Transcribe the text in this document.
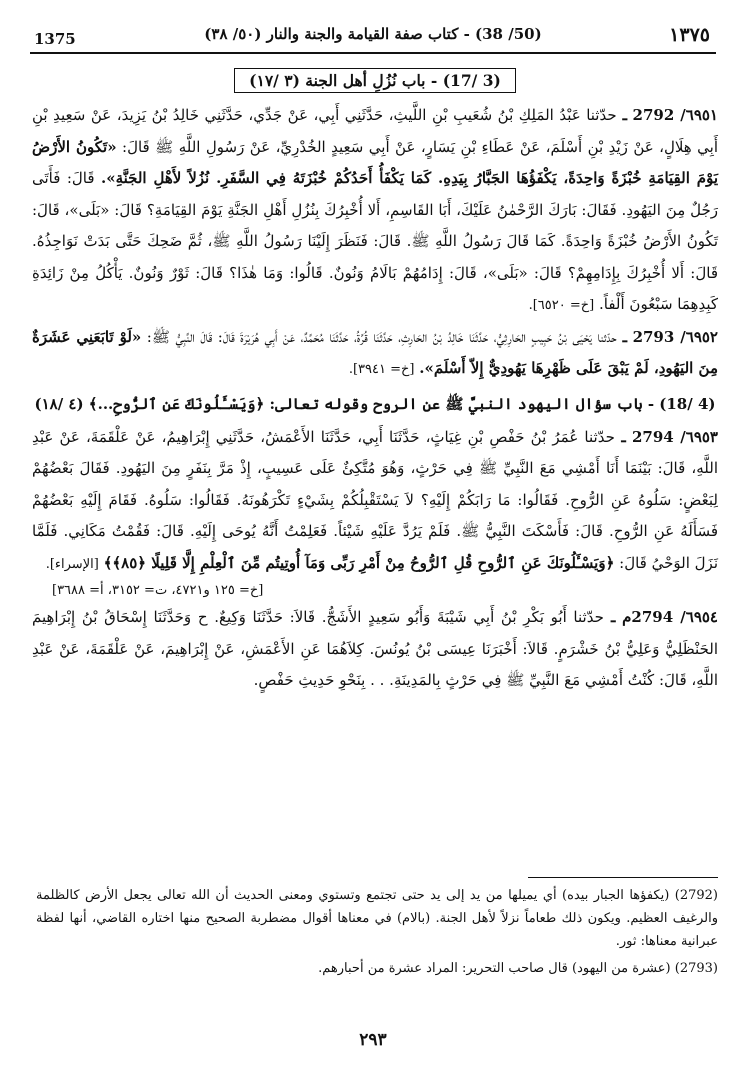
1375	(50/ 38) - كتاب صفة القيامة والجنة والنار (٥٠/ ٣٨)	١٣٧٥
(3 /17) - باب نُزُلِ أهل الجنة (٣ /١٧)

٦٩٥١/ 2792 ـ حدّثنا عَبْدُ المَلِكِ بْنُ شُعَيبِ بْنِ اللَّيثِ، حَدَّثَنِي أَبِي، عَنْ جَدِّي، حَدَّثَنِي خَالِدُ بْنُ يَزِيدَ، عَنْ سَعِيدِ بْنِ أَبِي هِلَالٍ، عَنْ زَيْدِ بْنِ أَسْلَمَ، عَنْ عَطَاءِ بْنِ يَسَارٍ، عَنْ أَبِي سَعِيدٍ الخُدْرِيِّ، عَنْ رَسُولِ اللَّهِ ﷺ قَالَ: «تَكُونُ الأَرْضُ يَوْمَ القِيَامَةِ خُبْزَةً وَاحِدَةً، يَكْفَؤُهَا الجَبَّارُ بِيَدِهِ. كَمَا يَكْفَأُ أَحَدُكُمْ خُبْزَتَهُ فِي السَّفَرِ. نُزُلاً لأَهْلِ الجَنَّةِ». قَالَ: فَأَتَى رَجُلٌ مِنَ اليَهُودِ. فَقَالَ: بَارَكَ الرَّحْمٰنُ عَلَيْكَ، أَبَا القَاسِمِ، أَلا أُخْبِرُكَ بِنُزُلِ أَهْلِ الجَنَّةِ يَوْمَ القِيَامَةِ؟ قَالَ: «بَلَى»، قَالَ: تَكُونُ الأَرْضُ خُبْزَةً وَاحِدَةً. كَمَا قَالَ رَسُولُ اللَّهِ ﷺ. قَالَ: فَنَظَرَ إِلَيْنَا رَسُولُ اللَّهِ ﷺ، ثُمَّ ضَحِكَ حَتَّى بَدَتْ نَوَاجِذُهُ. قَالَ: أَلا أُخْبِرُكَ بِإِدَامِهِمْ؟ قَالَ: «بَلَى»، قَالَ: إِدَامُهُمْ بَالَامُ وَنُونٌ. قَالُوا: وَمَا هٰذَا؟ قَالَ: ثَوْرٌ وَنُونٌ. يَأْكُلُ مِنْ زَائِدَةِ كَبِدِهِمَا سَبْعُونَ أَلْفاً. [خ= ٦٥٢٠].

٦٩٥٢/ 2793 ـ حدّثنا يَحْيَى بْنُ حَبِيبٍ الحَارِثِيُّ، حَدَّثَنَا خَالِدُ بْنُ الحَارِثِ، حَدَّثَنَا قُرَّةُ، حَدَّثَنَا مُحَمَّدٌ، عَنْ أَبِي هُرَيْرَةَ قَالَ: قَالَ النَّبِيُّ ﷺ: «لَوْ تَابَعَنِي عَشَرَةٌ مِنَ اليَهُودِ، لَمْ يَبْقَ عَلَى ظَهْرِهَا يَهُودِيٌّ إِلاّ أَسْلَمَ». [خ= ٣٩٤١].

(4 /18) - باب سؤال اليهود النبيَّ ﷺ عن الروح وقوله تعالى: ﴿وَيَسْـَٔلُونَكَ عَنِ ٱلرُّوحِ...﴾ (٤ /١٨)

٦٩٥٣/ 2794 ـ حدّثنا عُمَرُ بْنُ حَفْصِ بْنِ غِيَاثٍ، حَدَّثَنَا أَبِي، حَدَّثَنَا الأَعْمَشُ، حَدَّثَنِي إِبْرَاهِيمُ، عَنْ عَلْقَمَةَ، عَنْ عَبْدِ اللَّهِ، قَالَ: بَيْنَمَا أَنَا أَمْشِي مَعَ النَّبِيِّ ﷺ فِي حَرْثٍ، وَهُوَ مُتَّكِئٌ عَلَى عَسِيبٍ، إِذْ مَرَّ بِنَفَرٍ مِنَ اليَهُودِ. فَقَالَ بَعْضُهُمْ لِبَعْضٍ: سَلُوهُ عَنِ الرُّوحِ. فَقَالُوا: مَا رَابَكُمْ إِلَيْهِ؟ لاَ يَسْتَقْبِلُكُمْ بِشَيْءٍ تَكْرَهُونَهُ. فَقَالُوا: سَلُوهُ. فَقَامَ إِلَيْهِ بَعْضُهُمْ فَسَأَلَهُ عَنِ الرُّوحِ. قَالَ: فَأَسْكَتَ النَّبِيُّ ﷺ. فَلَمْ يَرُدَّ عَلَيْهِ شَيْئاً. فَعَلِمْتُ أَنَّهُ يُوحَى إِلَيْهِ. قَالَ: فَقُمْتُ مَكَانِي. فَلَمَّا نَزَلَ الوَحْيُ قَالَ: ﴿وَيَسْـَٔلُونَكَ عَنِ ٱلرُّوحِ قُلِ ٱلرُّوحُ مِنْ أَمْرِ رَبِّى وَمَآ أُوتِيتُم مِّنَ ٱلْعِلْمِ إِلَّا قَلِيلًا ﴿٨٥﴾﴾ [الإسراء].

[خ= ١٢٥ و٤٧٢١، ت= ٣١٥٢، أ= ٣٦٨٨]

٦٩٥٤/ 2794م ـ حدّثنا أَبُو بَكْرِ بْنُ أَبِي شَيْبَةَ وَأَبُو سَعِيدٍ الأَشَجُّ. قَالاَ: حَدَّثَنَا وَكِيعٌ. ح وَحَدَّثَنَا إِسْحَاقُ بْنُ إِبْرَاهِيمَ الحَنْظَلِيُّ وَعَلِيُّ بْنُ خَشْرَمٍ. قَالاَ: أَخْبَرَنَا عِيسَى بْنُ يُونُسَ. كِلاَهُمَا عَنِ الأَعْمَشِ، عَنْ إِبْرَاهِيمَ، عَنْ عَلْقَمَةَ، عَنْ عَبْدِ اللَّهِ، قَالَ: كُنْتُ أَمْشِي مَعَ النَّبِيِّ ﷺ فِي حَرْثٍ بِالمَدِينَةِ. . . بِنَحْوِ حَدِيثِ حَفْصٍ.

(2792) (يكفؤها الجبار بيده) أي يميلها من يد إلى يد حتى تجتمع وتستوي ومعنى الحديث أن الله تعالى يجعل الأرض كالظلمة والرغيف العظيم. ويكون ذلك طعاماً نزلاً لأهل الجنة. (بالام) في معناها أقوال مضطربة الصحيح منها اختاره القاضي، أنها لفظة عبرانية معناها: ثور.

(2793) (عشرة من اليهود) قال صاحب التحرير: المراد عشرة من أحبارهم.

٢٩٣
